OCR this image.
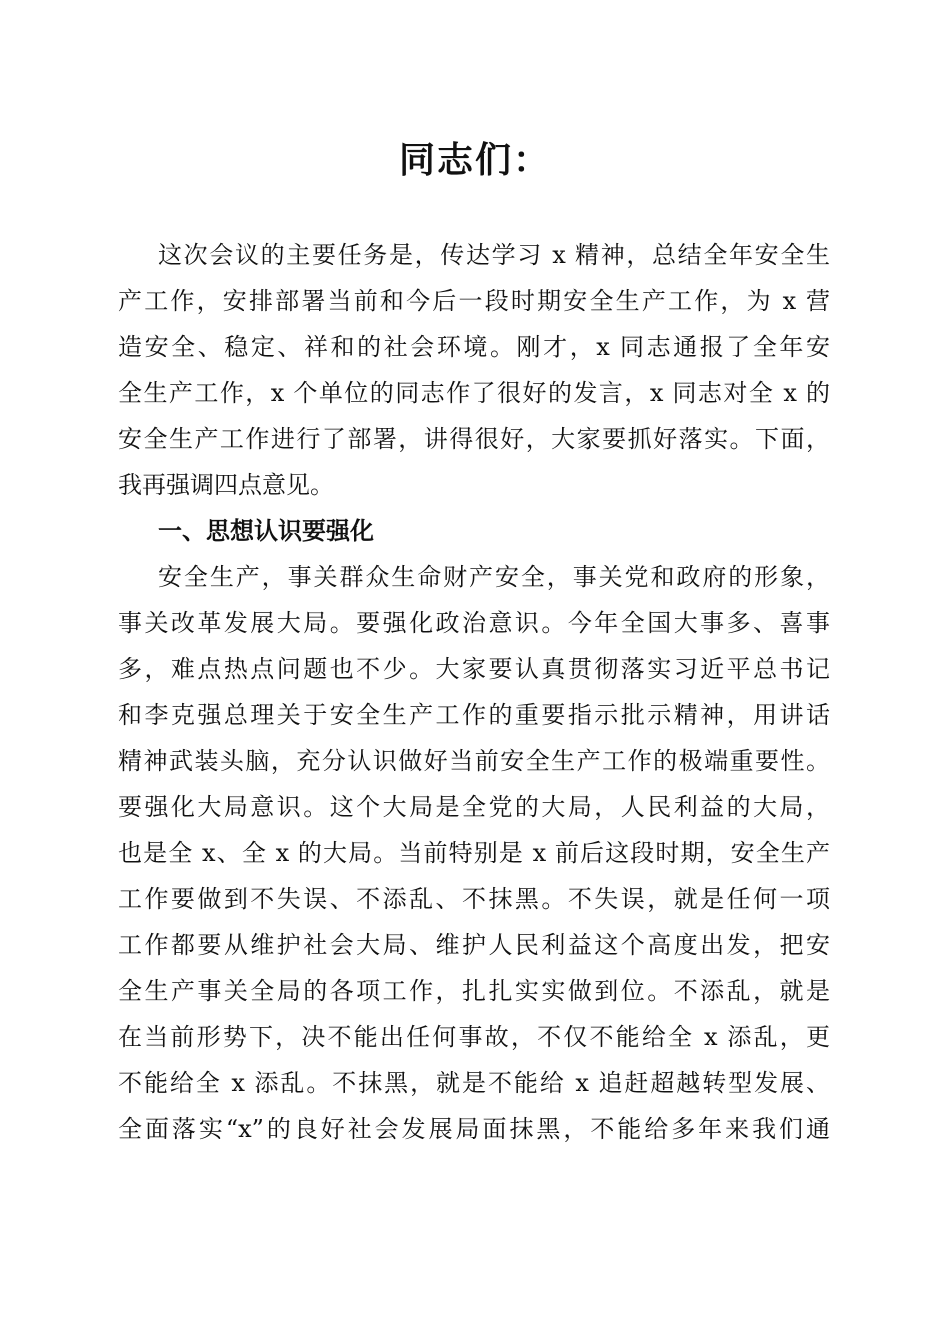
同志们：
这次会议的主要任务是，传达学习 x 精神，总结全年安全生
产工作，安排部署当前和今后一段时期安全生产工作，为 x 营
造安全、稳定、祥和的社会环境。刚才，x 同志通报了全年安
全生产工作，x 个单位的同志作了很好的发言，x 同志对全 x 的
安全生产工作进行了部署，讲得很好，大家要抓好落实。下面，
我再强调四点意见。
一、思想认识要强化
安全生产，事关群众生命财产安全，事关党和政府的形象，
事关改革发展大局。要强化政治意识。今年全国大事多、喜事
多，难点热点问题也不少。大家要认真贯彻落实习近平总书记
和李克强总理关于安全生产工作的重要指示批示精神，用讲话
精神武装头脑，充分认识做好当前安全生产工作的极端重要性。
要强化大局意识。这个大局是全党的大局，人民利益的大局，
也是全 x、全 x 的大局。当前特别是 x 前后这段时期，安全生产
工作要做到不失误、不添乱、不抹黑。不失误，就是任何一项
工作都要从维护社会大局、维护人民利益这个高度出发，把安
全生产事关全局的各项工作，扎扎实实做到位。不添乱，就是
在当前形势下，决不能出任何事故，不仅不能给全 x 添乱，更
不能给全 x 添乱。不抹黑，就是不能给 x 追赶超越转型发展、
全面落实“x”的良好社会发展局面抹黑，不能给多年来我们通
